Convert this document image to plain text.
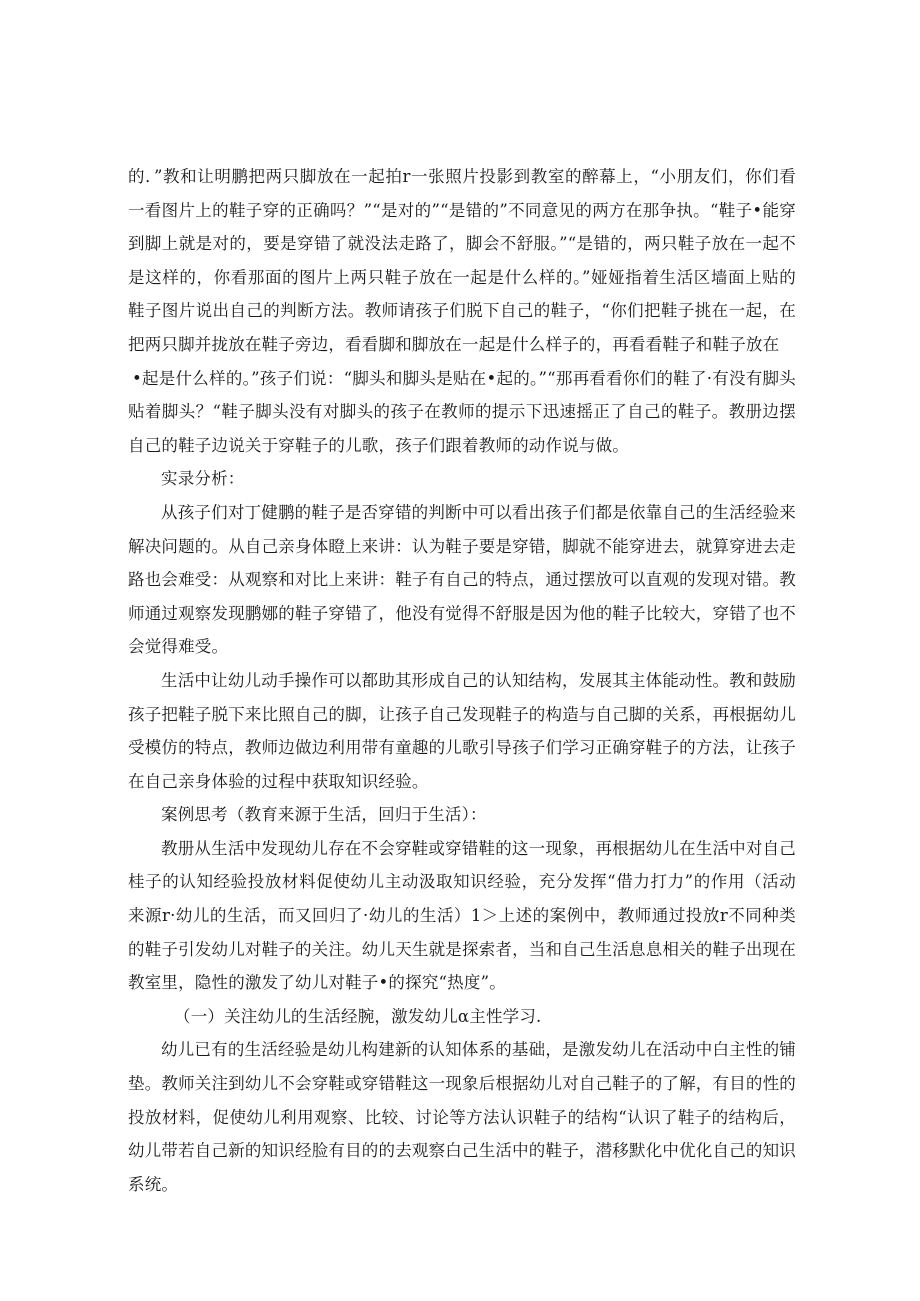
的．”教和让明鹏把两只脚放在一起拍r一张照片投影到教室的醉幕上，“小朋友们，你们看一看图片上的鞋子穿的正确吗？”“是对的”“是错的”不同意见的两方在那争执。“鞋子•能穿到脚上就是对的，要是穿错了就没法走路了，脚会不舒服。”“是错的，两只鞋子放在一起不是这样的，你看那面的图片上两只鞋子放在一起是什么样的。”娅娅指着生活区墙面上贴的鞋子图片说出自己的判断方法。教师请孩子们脱下自己的鞋子，“你们把鞋子挑在一起，在把两只脚并拢放在鞋子旁边，看看脚和脚放在一起是什么样子的，再看看鞋子和鞋子放在

•起是什么样的。”孩子们说：“脚头和脚头是贴在•起的。”“那再看看你们的鞋了·有没有脚头贴着脚头？“鞋子脚头没有对脚头的孩子在教师的提示下迅速摇正了自己的鞋子。教册边摆自己的鞋子边说关于穿鞋子的儿歌，孩子们跟着教师的动作说与做。

实录分析：

从孩子们对丁健鹏的鞋子是否穿错的判断中可以看出孩子们都是依靠自己的生活经验来解决问题的。从自己亲身体瞪上来讲：认为鞋子要是穿错，脚就不能穿进去，就算穿进去走路也会难受：从观察和对比上来讲：鞋子有自己的特点，通过摆放可以直观的发现对错。教师通过观察发现鹏娜的鞋子穿错了，他没有觉得不舒服是因为他的鞋子比较大，穿错了也不会觉得难受。

生活中让幼儿动手操作可以都助其形成自己的认知结构，发展其主体能动性。教和鼓励孩子把鞋子脱下来比照自己的脚，让孩子自己发现鞋子的构造与自己脚的关系，再根据幼儿受模仿的特点，教师边做边利用带有童趣的儿歌引导孩子们学习正确穿鞋子的方法，让孩子在自己亲身体验的过程中获取知识经验。

案例思考（教育来源于生活，回归于生活）：

教册从生活中发现幼儿存在不会穿鞋或穿错鞋的这一现象，再根据幼儿在生活中对自己桂子的认知经验投放材料促使幼儿主动汲取知识经验，充分发挥“借力打力”的作用（活动来源r·幼儿的生活，而又回归了·幼儿的生活）1＞上述的案例中，教师通过投放r不同种类的鞋子引发幼儿对鞋子的关注。幼儿天生就是探索者，当和自己生活息息相关的鞋子出现在教室里，隐性的激发了幼儿对鞋子•的探究“热度”。

（一）关注幼儿的生活经腕，激发幼儿α主性学习.

幼儿已有的生活经验是幼儿构建新的认知体系的基础，是激发幼儿在活动中白主性的铺垫。教师关注到幼儿不会穿鞋或穿错鞋这一现象后根据幼儿对自己鞋子的了解，有目的性的投放材料，促使幼儿利用观察、比较、讨论等方法认识鞋子的结构“认识了鞋子的结构后，幼儿带若自己新的知识经脸有目的的去观察白己生活中的鞋子，潜移默化中优化自己的知识系统。
